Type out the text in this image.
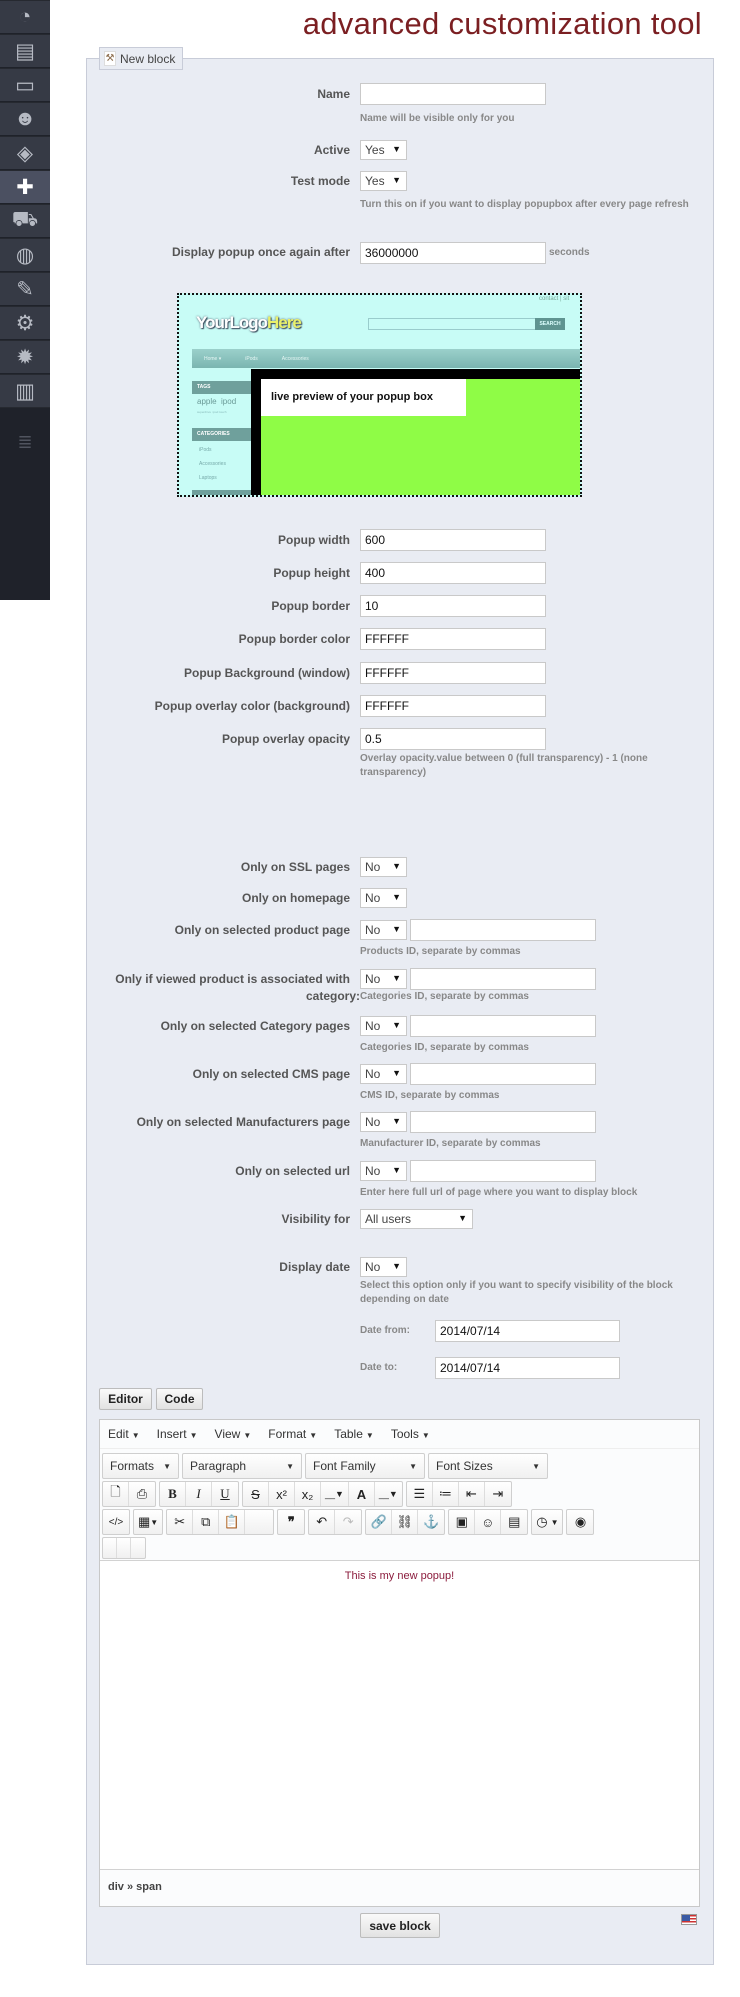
◔
▤
▭
☻
◈
✚
⛟
◍
✎
⚙
✹
▥
≣
advanced customization tool
⚒ New block
Name
Name will be visible only for you
Active	Yes ▼
Test mode	Yes ▼
Turn this on if you want to display popupbox after every page refresh
Display popup once again after
36000000	seconds
contact | sit
YourLogoHere	SEARCH
Home ▾	iPods	Accessories
TAGS
apple  ipod
superdrive  ipod touch
CATEGORIES
iPods
Accessories
Laptops
live preview of your popup box
Popup width
600
Popup height
400
Popup border
10
Popup border color
FFFFFF
Popup Background (window)
FFFFFF
Popup overlay color (background)
FFFFFF
Popup overlay opacity
0.5
Overlay opacity.value between 0 (full transparency) - 1 (none transparency)
Only on SSL pages	No ▼
Only on homepage	No ▼
Only on selected product page	No ▼
Products ID, separate by commas
Only if viewed product is associated with
category:
No ▼
Categories ID, separate by commas
Only on selected Category pages	No ▼
Categories ID, separate by commas
Only on selected CMS page	No ▼
CMS ID, separate by commas
Only on selected Manufacturers page	No ▼
Manufacturer ID, separate by commas
Only on selected url	No ▼
Enter here full url of page where you want to display block
Visibility for	All users	▼
Display date	No ▼
Select this option only if you want to specify visibility of the block depending on date
Date from:
2014/07/14
Date to:
2014/07/14
Editor	Code
Edit ▼ Insert ▼ View ▼ Format ▼ Table ▼ Tools ▼
Formats ▼ Paragraph	▼ Font Family	▼ Font Sizes	▼
🗋	⎙	B	I	U	S	x²	x₂	__▼ A	__▼	☰	≔	⇤	⇥
</>	▦ ▼	✂	⧉	📋	❞	↶	↷	🔗 ⛓ ⚓	▣	☺	▤	◷ ▼	◉

This is my new popup!

div » span
save block
